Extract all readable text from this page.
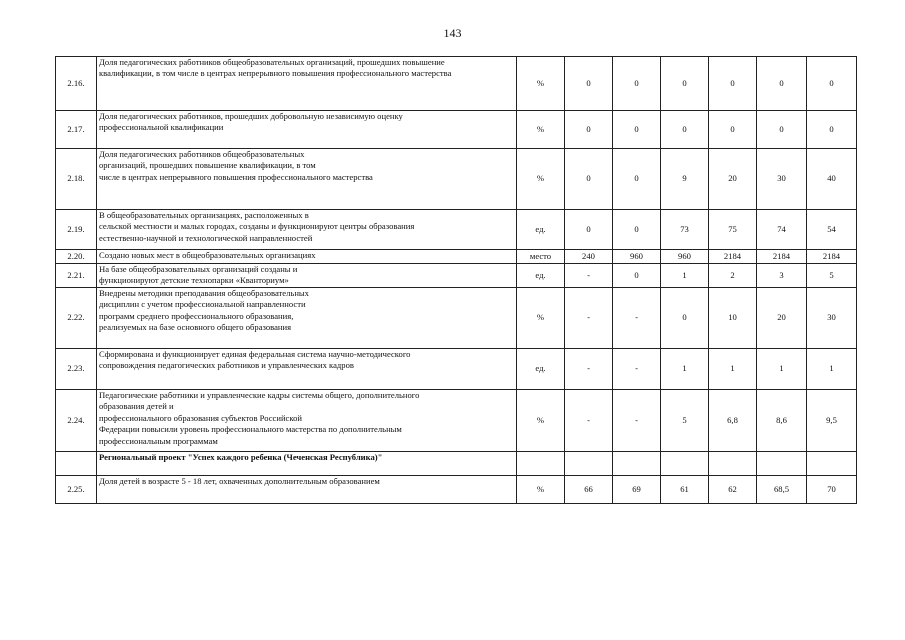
143
2.16.	Доля педагогических работников общеобразовательных организаций, прошедших повышение
квалификации, в том числе в центрах непрерывного повышения профессионального мастерства	%	0	0	0	0	0	0
2.17.	Доля педагогических работников, прошедших добровольную независимую оценку
профессиональной квалификации	%	0	0	0	0	0	0
2.18.	Доля педагогических работников общеобразовательных
организаций, прошедших повышение квалификации, в том
числе в центрах непрерывного повышения профессионального мастерства	%	0	0	9	20	30	40
2.19.	В общеобразовательных организациях, расположенных в
сельской местности и малых городах, созданы и функционируют центры образования
естественно-научной и технологической направленностей	ед.	0	0	73	75	74	54
2.20.	Создано новых мест в общеобразовательных организациях	место	240	960	960	2184	2184	2184
2.21.	На базе общеобразовательных организаций созданы и
функционируют детские технопарки «Кванториум»	ед.	-	0	1	2	3	5
2.22.	Внедрены методики преподавания общеобразовательных
дисциплин с учетом профессиональной направленности
программ среднего профессионального образования,
реализуемых на базе основного общего образования	%	-	-	0	10	20	30
2.23.	Сформирована и функционирует единая федеральная система научно-методического
сопровождения педагогических работников и управленческих кадров	ед.	-	-	1	1	1	1
2.24.	Педагогические работники и управленческие кадры системы общего, дополнительного
образования детей и
профессионального образования субъектов Российской
Федерации повысили уровень профессионального мастерства по дополнительным
профессиональным программам	%	-	-	5	6,8	8,6	9,5
	Региональный проект "Успех каждого ребенка (Чеченская Республика)"							
2.25.	Доля детей в возрасте 5 - 18 лет, охваченных дополнительным образованием	%	66	69	61	62	68,5	70
